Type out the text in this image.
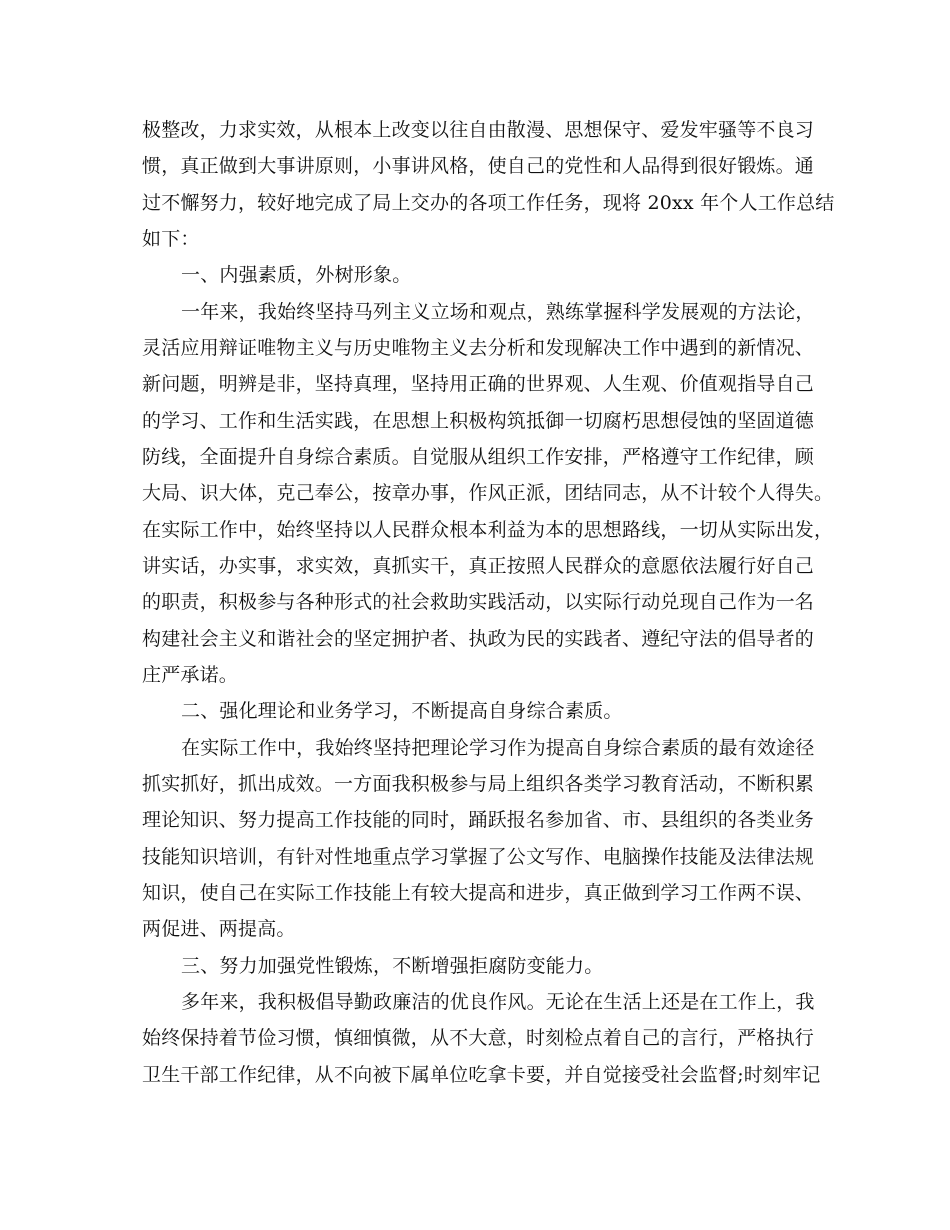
极整改，力求实效，从根本上改变以往自由散漫、思想保守、爱发牢骚等不良习
惯，真正做到大事讲原则，小事讲风格，使自己的党性和人品得到很好锻炼。通
过不懈努力，较好地完成了局上交办的各项工作任务，现将 20xx 年个人工作总结
如下：
一、内强素质，外树形象。
一年来，我始终坚持马列主义立场和观点，熟练掌握科学发展观的方法论，
灵活应用辩证唯物主义与历史唯物主义去分析和发现解决工作中遇到的新情况、
新问题，明辨是非，坚持真理，坚持用正确的世界观、人生观、价值观指导自己
的学习、工作和生活实践，在思想上积极构筑抵御一切腐朽思想侵蚀的坚固道德
防线，全面提升自身综合素质。自觉服从组织工作安排，严格遵守工作纪律，顾
大局、识大体，克己奉公，按章办事，作风正派，团结同志，从不计较个人得失。
在实际工作中，始终坚持以人民群众根本利益为本的思想路线，一切从实际出发，
讲实话，办实事，求实效，真抓实干，真正按照人民群众的意愿依法履行好自己
的职责，积极参与各种形式的社会救助实践活动，以实际行动兑现自己作为一名
构建社会主义和谐社会的坚定拥护者、执政为民的实践者、遵纪守法的倡导者的
庄严承诺。
二、强化理论和业务学习，不断提高自身综合素质。
在实际工作中，我始终坚持把理论学习作为提高自身综合素质的最有效途径
抓实抓好，抓出成效。一方面我积极参与局上组织各类学习教育活动，不断积累
理论知识、努力提高工作技能的同时，踊跃报名参加省、市、县组织的各类业务
技能知识培训，有针对性地重点学习掌握了公文写作、电脑操作技能及法律法规
知识，使自己在实际工作技能上有较大提高和进步，真正做到学习工作两不误、
两促进、两提高。
三、努力加强党性锻炼，不断增强拒腐防变能力。
多年来，我积极倡导勤政廉洁的优良作风。无论在生活上还是在工作上，我
始终保持着节俭习惯，慎细慎微，从不大意，时刻检点着自己的言行，严格执行
卫生干部工作纪律，从不向被下属单位吃拿卡要，并自觉接受社会监督;时刻牢记
